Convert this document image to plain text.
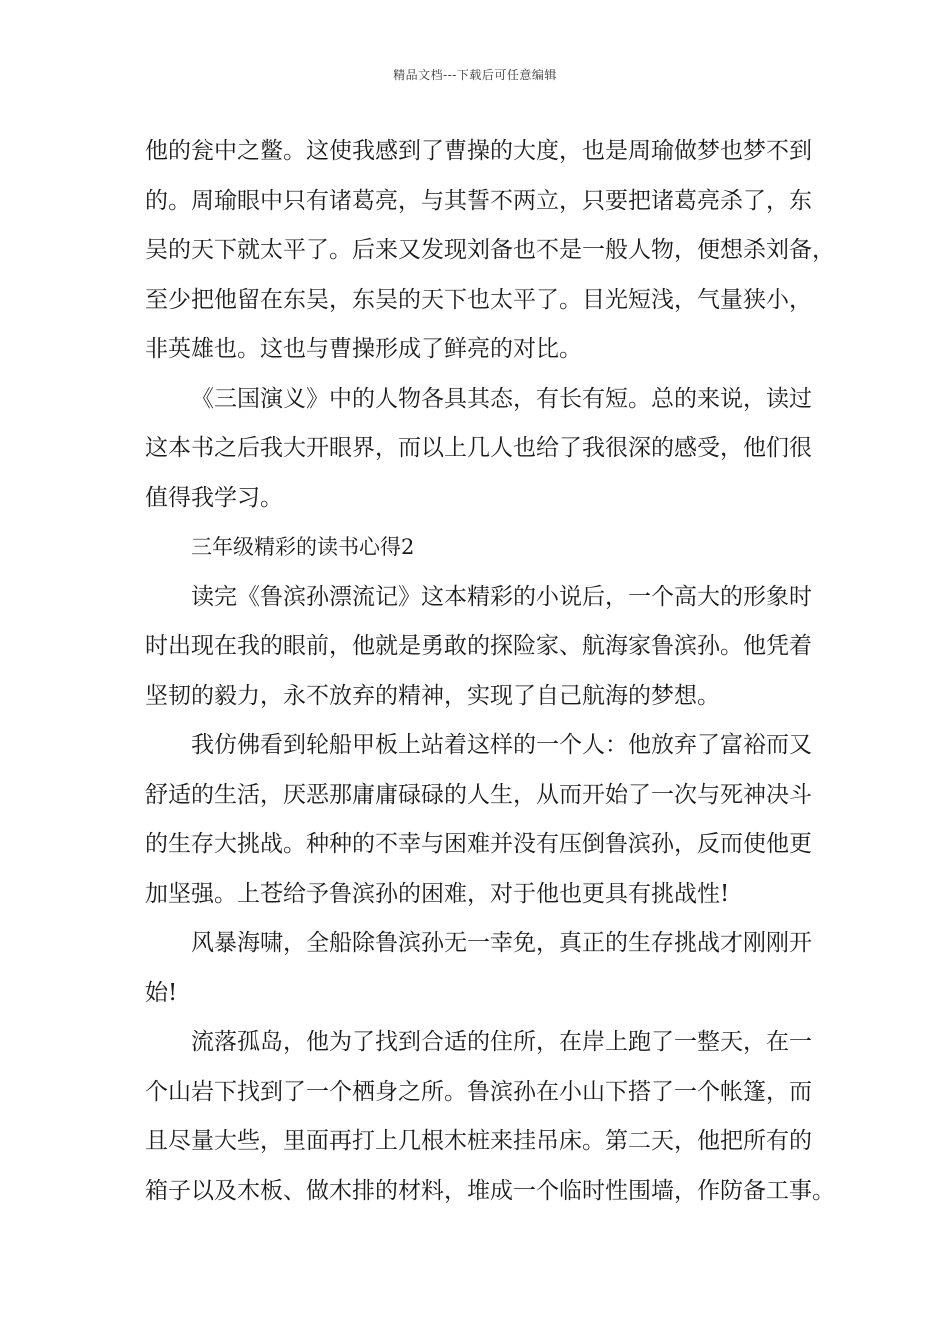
精品文档---下载后可任意编辑
他的瓮中之鳖。这使我感到了曹操的大度，也是周瑜做梦也梦不到
的。周瑜眼中只有诸葛亮，与其誓不两立，只要把诸葛亮杀了，东
吴的天下就太平了。后来又发现刘备也不是一般人物，便想杀刘备，
至少把他留在东吴，东吴的天下也太平了。目光短浅，气量狭小，
非英雄也。这也与曹操形成了鲜亮的对比。
《三国演义》中的人物各具其态，有长有短。总的来说，读过
这本书之后我大开眼界，而以上几人也给了我很深的感受，他们很
值得我学习。
三年级精彩的读书心得2
读完《鲁滨孙漂流记》这本精彩的小说后，一个高大的形象时
时出现在我的眼前，他就是勇敢的探险家、航海家鲁滨孙。他凭着
坚韧的毅力，永不放弃的精神，实现了自己航海的梦想。
我仿佛看到轮船甲板上站着这样的一个人：他放弃了富裕而又
舒适的生活，厌恶那庸庸碌碌的人生，从而开始了一次与死神决斗
的生存大挑战。种种的不幸与困难并没有压倒鲁滨孙，反而使他更
加坚强。上苍给予鲁滨孙的困难，对于他也更具有挑战性!
风暴海啸，全船除鲁滨孙无一幸免，真正的生存挑战才刚刚开
始!
流落孤岛，他为了找到合适的住所，在岸上跑了一整天，在一
个山岩下找到了一个栖身之所。鲁滨孙在小山下搭了一个帐篷，而
且尽量大些，里面再打上几根木桩来挂吊床。第二天，他把所有的
箱子以及木板、做木排的材料，堆成一个临时性围墙，作防备工事。
